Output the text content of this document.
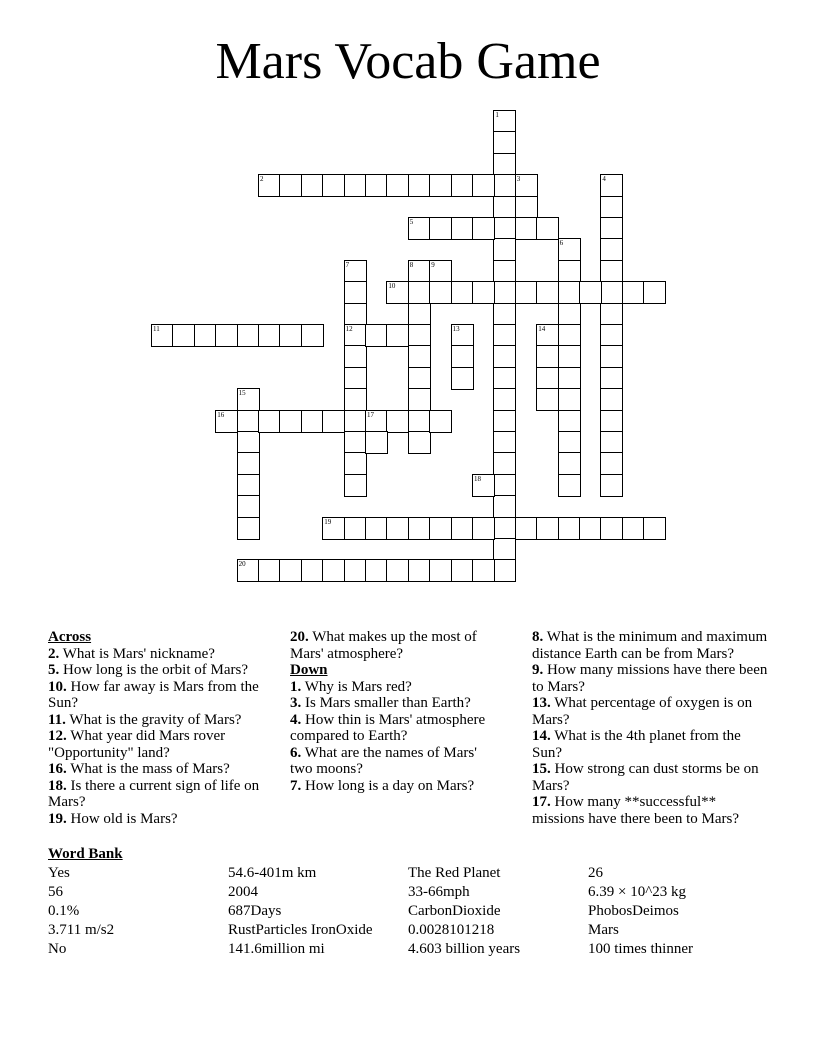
Mars Vocab Game
1
2	3	4
5
6
7
12
8	9
10
11	13	14
15
16	17
18
19
20

Across

2. What is Mars' nickname?

5. How long is the orbit of Mars?

10. How far away is Mars from the Sun?

11. What is the gravity of Mars?

12. What year did Mars rover "Opportunity" land?

16. What is the mass of Mars?

18. Is there a current sign of life on Mars?

19. How old is Mars?

20. What makes up the most of Mars' atmosphere?

Down

1. Why is Mars red?

3. Is Mars smaller than Earth?

4. How thin is Mars' atmosphere compared to Earth?

6. What are the names of Mars' two moons?

7. How long is a day on Mars?

8. What is the minimum and maximum distance Earth can be from Mars?

9. How many missions have there been to Mars?

13. What percentage of oxygen is on Mars?

14. What is the 4th planet from the Sun?

15. How strong can dust storms be on Mars?

17. How many **successful** missions have there been to Mars?

Word Bank

Yes	54.6-401m km	The Red Planet	26
56	2004	33-66mph	6.39 × 10^23 kg
0.1%	687Days	CarbonDioxide	PhobosDeimos
3.711 m/s2	RustParticles IronOxide	0.0028101218	Mars
No	141.6million mi	4.603 billion years	100 times thinner
